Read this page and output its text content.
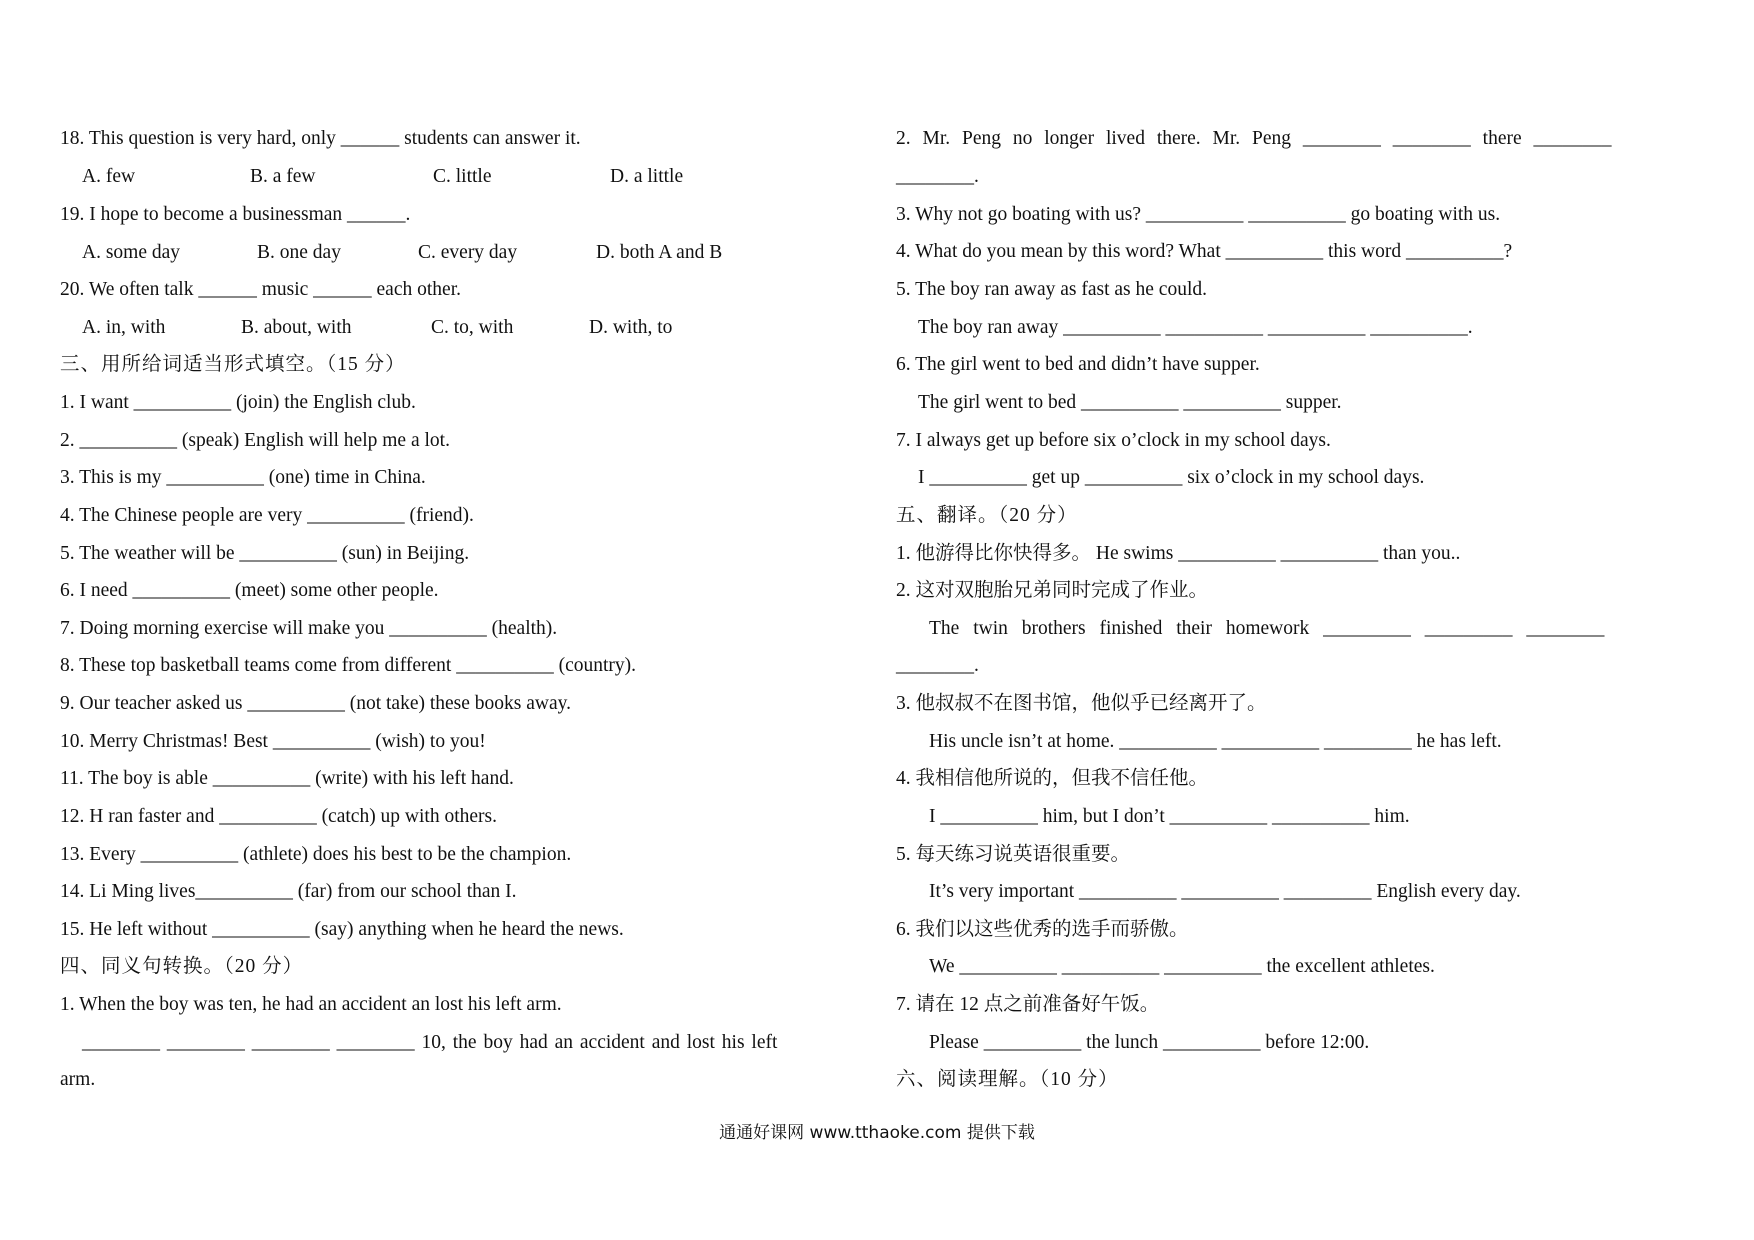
18. This question is very hard, only ______ students can answer it.
A. few	B. a few	C. little	D. a little
19. I hope to become a businessman ______.
A. some day	B. one day	C. every day	D. both A and B
20. We often talk ______ music ______ each other.
A. in, with	B. about, with	C. to, with	D. with, to
三、用所给词适当形式填空。（15 分）
1. I want __________ (join) the English club.
2. __________ (speak) English will help me a lot.
3. This is my __________ (one) time in China.
4. The Chinese people are very __________ (friend).
5. The weather will be __________ (sun) in Beijing.
6. I need __________ (meet) some other people.
7. Doing morning exercise will make you __________ (health).
8. These top basketball teams come from different __________ (country).
9. Our teacher asked us __________ (not take) these books away.
10. Merry Christmas! Best __________ (wish) to you!
11. The boy is able __________ (write) with his left hand.
12. H ran faster and __________ (catch) up with others.
13. Every __________ (athlete) does his best to be the champion.
14. Li Ming lives__________ (far) from our school than I.
15. He left without __________ (say) anything when he heard the news.
四、同义句转换。（20 分）
1. When the boy was ten, he had an accident an lost his left arm.
________ ________ ________ ________ 10, the boy had an accident and lost his left
arm.
2. Mr. Peng no longer lived there. Mr. Peng ________ ________ there ________
________.
3. Why not go boating with us? __________ __________ go boating with us.
4. What do you mean by this word? What __________ this word __________?
5. The boy ran away as fast as he could.
The boy ran away __________ __________ __________ __________.
6. The girl went to bed and didn’t have supper.
The girl went to bed __________ __________ supper.
7. I always get up before six o’clock in my school days.
I __________ get up __________ six o’clock in my school days.
五、翻译。（20 分）
1. 他游得比你快得多。 He swims __________ __________ than you..
2. 这对双胞胎兄弟同时完成了作业。
The twin brothers finished their homework _________ _________ ________
________.
3. 他叔叔不在图书馆，他似乎已经离开了。
His uncle isn’t at home. __________ __________ _________ he has left.
4. 我相信他所说的，但我不信任他。
I __________ him, but I don’t __________ __________ him.
5. 每天练习说英语很重要。
It’s very important __________ __________ _________ English every day.
6. 我们以这些优秀的选手而骄傲。
We __________ __________ __________ the excellent athletes.
7. 请在 12 点之前准备好午饭。
Please __________ the lunch __________ before 12:00.
六、阅读理解。（10 分）
通通好课网 www.tthaoke.com 提供下载
